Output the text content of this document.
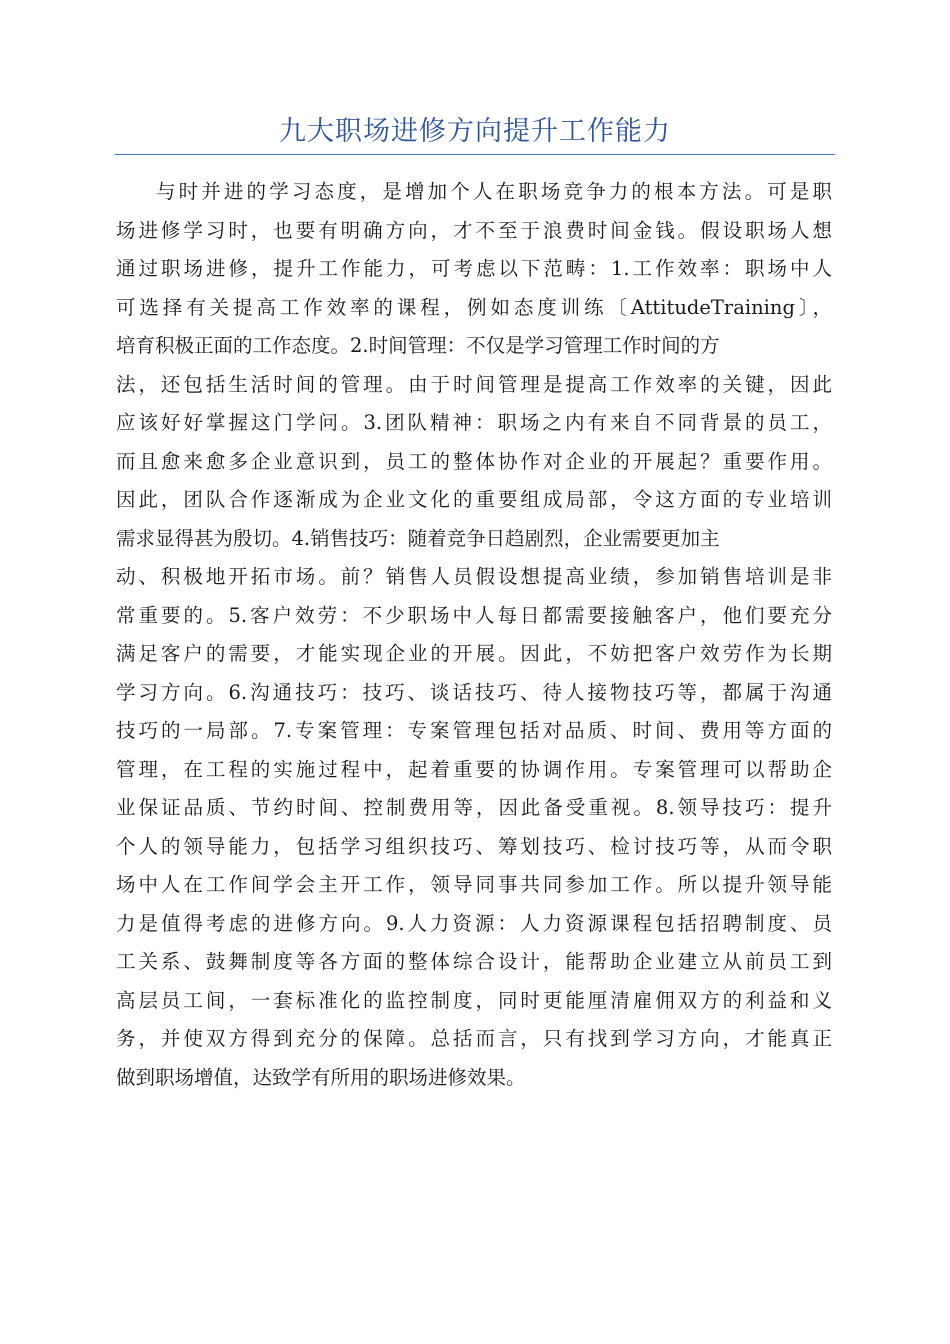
九大职场进修方向提升工作能力
与时并进的学习态度，是增加个人在职场竞争力的根本方法。可是职
场进修学习时，也要有明确方向，才不至于浪费时间金钱。假设职场人想
通过职场进修，提升工作能力，可考虑以下范畴：1.工作效率：职场中人
可选择有关提高工作效率的课程，例如态度训练〔AttitudeTraining〕，
培育积极正面的工作态度。2.时间管理：不仅是学习管理工作时间的方
法，还包括生活时间的管理。由于时间管理是提高工作效率的关键，因此
应该好好掌握这门学问。3.团队精神：职场之内有来自不同背景的员工，
而且愈来愈多企业意识到，员工的整体协作对企业的开展起？重要作用。
因此，团队合作逐渐成为企业文化的重要组成局部，令这方面的专业培训
需求显得甚为殷切。4.销售技巧：随着竞争日趋剧烈，企业需要更加主
动、积极地开拓市场。前？销售人员假设想提高业绩，参加销售培训是非
常重要的。5.客户效劳：不少职场中人每日都需要接触客户，他们要充分
满足客户的需要，才能实现企业的开展。因此，不妨把客户效劳作为长期
学习方向。6.沟通技巧：技巧、谈话技巧、待人接物技巧等，都属于沟通
技巧的一局部。7.专案管理：专案管理包括对品质、时间、费用等方面的
管理，在工程的实施过程中，起着重要的协调作用。专案管理可以帮助企
业保证品质、节约时间、控制费用等，因此备受重视。8.领导技巧：提升
个人的领导能力，包括学习组织技巧、筹划技巧、检讨技巧等，从而令职
场中人在工作间学会主开工作，领导同事共同参加工作。所以提升领导能
力是值得考虑的进修方向。9.人力资源：人力资源课程包括招聘制度、员
工关系、鼓舞制度等各方面的整体综合设计，能帮助企业建立从前员工到
高层员工间，一套标准化的监控制度，同时更能厘清雇佣双方的利益和义
务，并使双方得到充分的保障。总括而言，只有找到学习方向，才能真正
做到职场增值，达致学有所用的职场进修效果。
